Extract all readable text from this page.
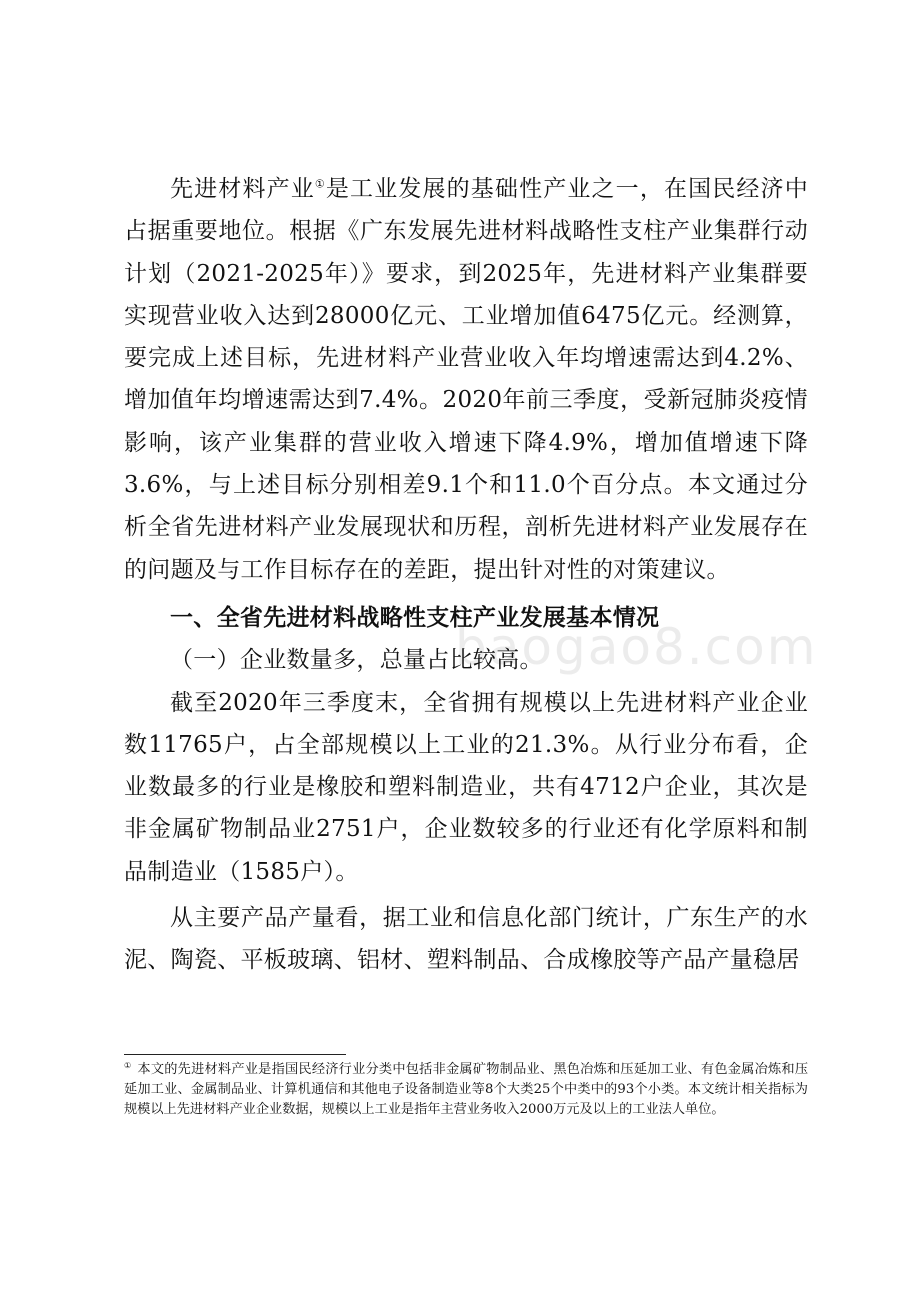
baogao8.com

先进材料产业①是工业发展的基础性产业之一，在国民经济中占据重要地位。根据《广东发展先进材料战略性支柱产业集群行动计划（2021-2025年）》要求，到2025年，先进材料产业集群要实现营业收入达到28000亿元、工业增加值6475亿元。经测算，要完成上述目标，先进材料产业营业收入年均增速需达到4.2%、增加值年均增速需达到7.4%。2020年前三季度，受新冠肺炎疫情影响，该产业集群的营业收入增速下降4.9%，增加值增速下降3.6%，与上述目标分别相差9.1个和11.0个百分点。本文通过分析全省先进材料产业发展现状和历程，剖析先进材料产业发展存在的问题及与工作目标存在的差距，提出针对性的对策建议。

一、全省先进材料战略性支柱产业发展基本情况

（一）企业数量多，总量占比较高。

截至2020年三季度末，全省拥有规模以上先进材料产业企业数11765户，占全部规模以上工业的21.3%。从行业分布看，企业数最多的行业是橡胶和塑料制造业，共有4712户企业，其次是非金属矿物制品业2751户，企业数较多的行业还有化学原料和制品制造业（1585户）。

从主要产品产量看，据工业和信息化部门统计，广东生产的水泥、陶瓷、平板玻璃、铝材、塑料制品、合成橡胶等产品产量稳居

① 本文的先进材料产业是指国民经济行业分类中包括非金属矿物制品业、黑色冶炼和压延加工业、有色金属冶炼和压延加工业、金属制品业、计算机通信和其他电子设备制造业等8个大类25个中类中的93个小类。本文统计相关指标为规模以上先进材料产业企业数据，规模以上工业是指年主营业务收入2000万元及以上的工业法人单位。
